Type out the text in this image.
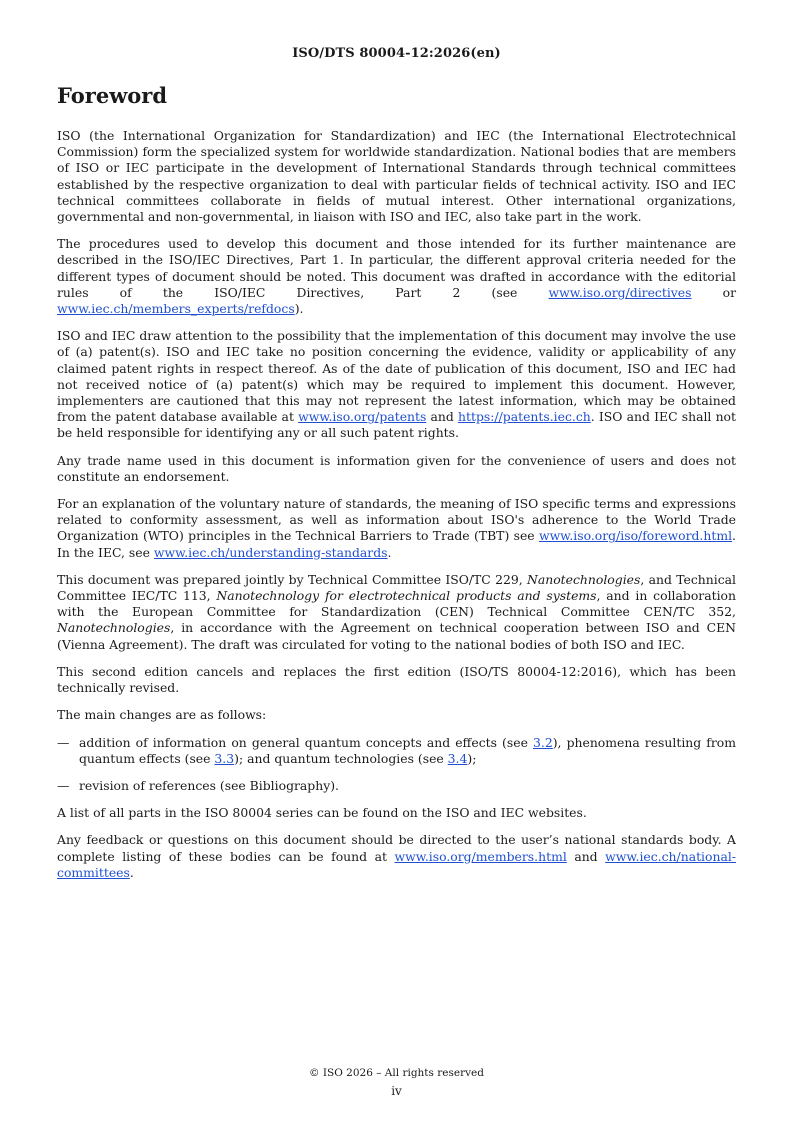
ISO/DTS 80004-12:2026(en)
Foreword

ISO (the International Organization for Standardization) and IEC (the International Electrotechnical Commission) form the specialized system for worldwide standardization. National bodies that are members of ISO or IEC participate in the development of International Standards through technical committees established by the respective organization to deal with particular fields of technical activity. ISO and IEC technical committees collaborate in fields of mutual interest. Other international organizations, governmental and non-governmental, in liaison with ISO and IEC, also take part in the work.

The procedures used to develop this document and those intended for its further maintenance are described in the ISO/IEC Directives, Part 1. In particular, the different approval criteria needed for the different types of document should be noted. This document was drafted in accordance with the editorial rules of the ISO/IEC Directives, Part 2 (see www.iso.org/directives or www.iec.ch/members_experts/refdocs).

ISO and IEC draw attention to the possibility that the implementation of this document may involve the use of (a) patent(s). ISO and IEC take no position concerning the evidence, validity or applicability of any claimed patent rights in respect thereof. As of the date of publication of this document, ISO and IEC had not received notice of (a) patent(s) which may be required to implement this document. However, implementers are cautioned that this may not represent the latest information, which may be obtained from the patent database available at www.iso.org/patents and https://patents.iec.ch. ISO and IEC shall not be held responsible for identifying any or all such patent rights.

Any trade name used in this document is information given for the convenience of users and does not constitute an endorsement.

For an explanation of the voluntary nature of standards, the meaning of ISO specific terms and expressions related to conformity assessment, as well as information about ISO's adherence to the World Trade Organization (WTO) principles in the Technical Barriers to Trade (TBT) see www.iso.org/iso/foreword.html. In the IEC, see www.iec.ch/understanding-standards.

This document was prepared jointly by Technical Committee ISO/TC 229, Nanotechnologies, and Technical Committee IEC/TC 113, Nanotechnology for electrotechnical products and systems, and in collaboration with the European Committee for Standardization (CEN) Technical Committee CEN/TC 352, Nanotechnologies, in accordance with the Agreement on technical cooperation between ISO and CEN (Vienna Agreement). The draft was circulated for voting to the national bodies of both ISO and IEC.

This second edition cancels and replaces the first edition (ISO/TS 80004-12:2016), which has been technically revised.

The main changes are as follows:

— addition of information on general quantum concepts and effects (see 3.2), phenomena resulting from quantum effects (see 3.3); and quantum technologies (see 3.4);
— revision of references (see Bibliography).

A list of all parts in the ISO 80004 series can be found on the ISO and IEC websites.

Any feedback or questions on this document should be directed to the user’s national standards body. A complete listing of these bodies can be found at www.iso.org/members.html and www.iec.ch/national-committees.

© ISO 2026 – All rights reserved
iv
